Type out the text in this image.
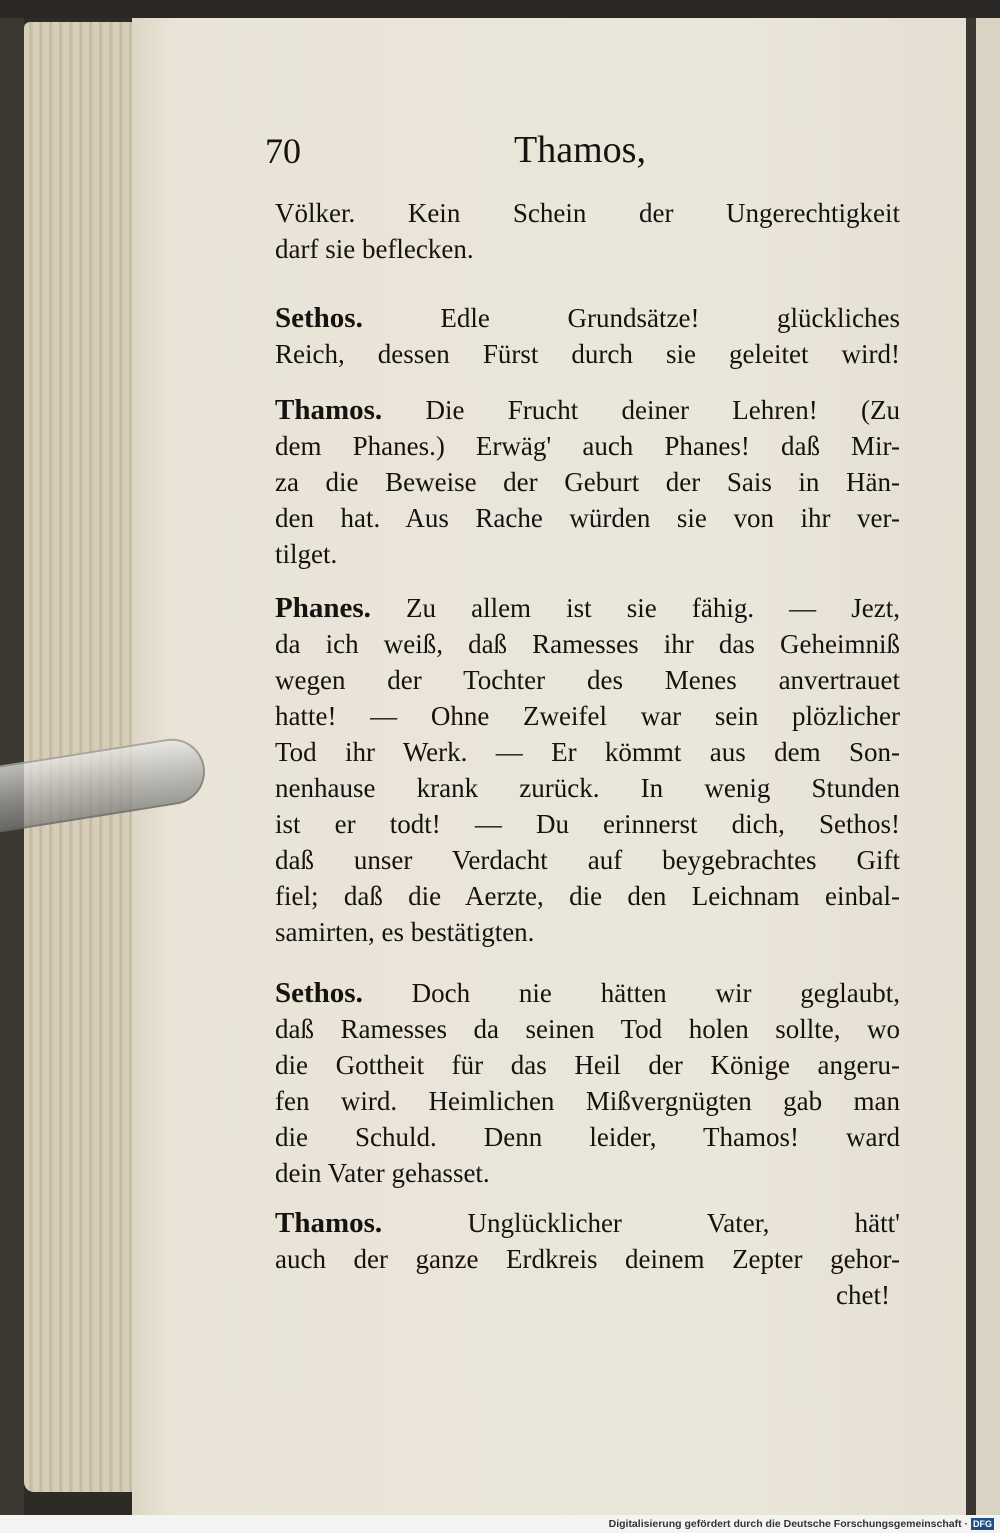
70	Thamos,
Völker. Kein Schein der Ungerechtigkeit
darf sie beflecken.
Sethos.	Edle Grundsätze! glückliches
Reich, dessen Fürst durch sie geleitet wird!
Thamos. Die Frucht deiner Lehren! (Zu
dem Phanes.) Erwäg' auch Phanes! daß Mir-
za die Beweise der Geburt der Sais in Hän-
den hat. Aus Rache würden sie von ihr ver-
tilget.
Phanes. Zu allem ist sie fähig. — Jezt,
da ich weiß, daß Ramesses ihr das Geheimniß
wegen der Tochter des Menes anvertrauet
hatte! — Ohne Zweifel war sein plözlicher
Tod ihr Werk. — Er kömmt aus dem Son-
nenhause krank zurück. In wenig Stunden
ist er todt! — Du erinnerst dich, Sethos!
daß unser Verdacht auf beygebrachtes Gift
fiel; daß die Aerzte, die den Leichnam einbal-
samirten, es bestätigten.
Sethos. Doch nie hätten wir geglaubt,
daß Ramesses da seinen Tod holen sollte, wo
die Gottheit für das Heil der Könige angeru-
fen wird. Heimlichen Mißvergnügten gab man
die Schuld. Denn leider, Thamos! ward
dein Vater gehasset.
Thamos.	Unglücklicher Vater, hätt'
auch der ganze Erdkreis deinem Zepter gehor-
chet!
Digitalisierung gefördert durch die Deutsche Forschungsgemeinschaft · DFG
